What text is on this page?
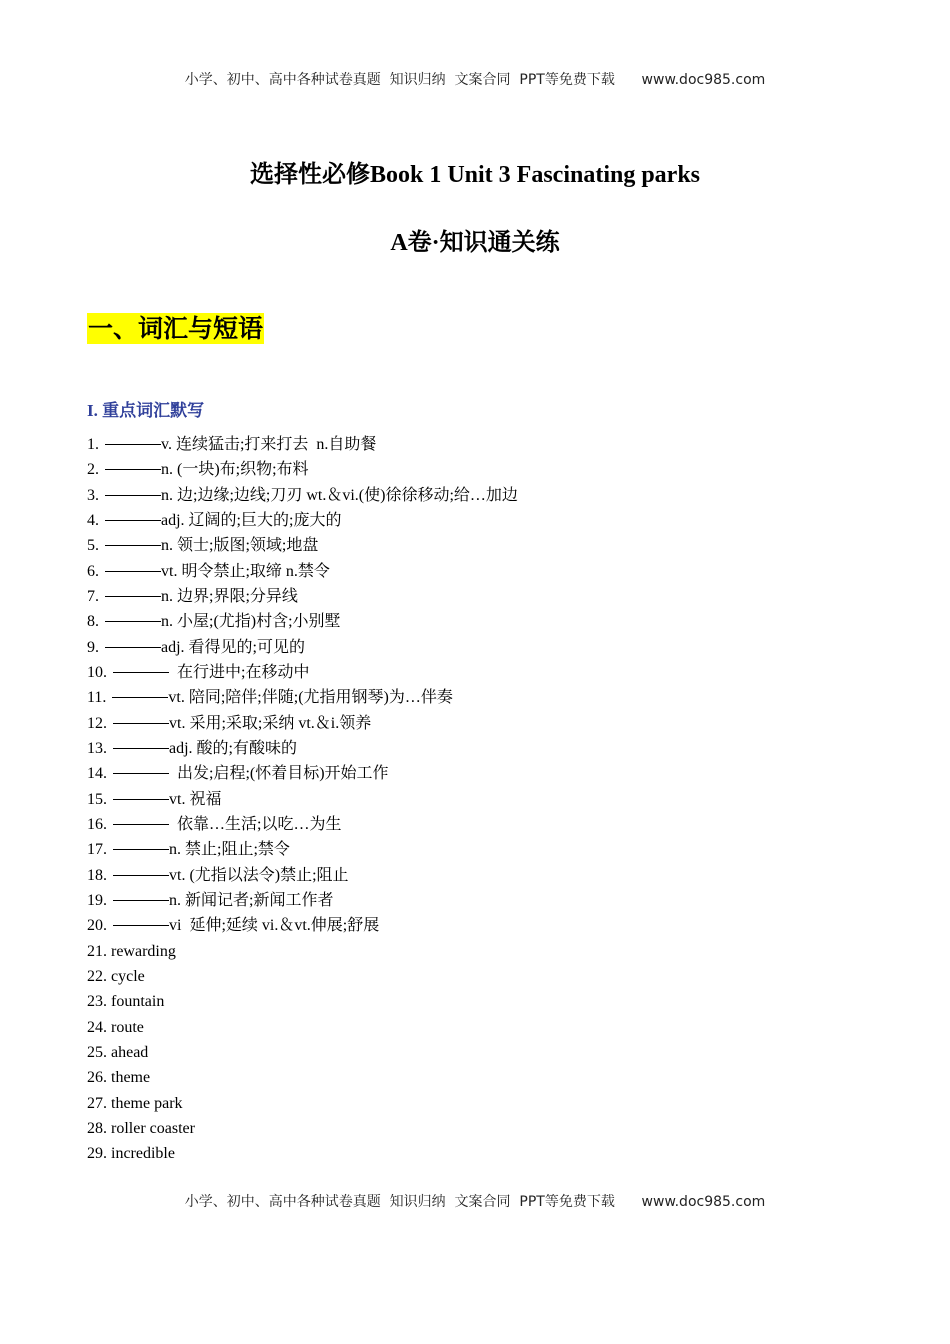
小学、初中、高中各种试卷真题  知识归纳  文案合同  PPT等免费下载      www.doc985.com
选择性必修Book 1 Unit 3 Fascinating parks
A卷·知识通关练
一、词汇与短语
I. 重点词汇默写
1.	v. 连续猛击;打来打去  n.自助餐
2.	n. (一块)布;织物;布料
3.	n. 边;边缘;边线;刀刃 wt.＆vi.(使)徐徐移动;给…加边
4.	adj. 辽阔的;巨大的;庞大的
5.	n. 领士;版图;领域;地盘
6.	vt. 明令禁止;取缔 n.禁令
7.	n. 边界;界限;分异线
8.	n. 小屋;(尤指)村含;小别墅
9.	adj. 看得见的;可见的
10.	在行进中;在移动中
11.	vt. 陪同;陪伴;伴随;(尤指用钢琴)为…伴奏
12.	vt. 采用;采取;采纳 vt.＆i.领养
13.	adj. 酸的;有酸味的
14.	出发;启程;(怀着目标)开始工作
15.	vt. 祝福
16.	依靠…生活;以吃…为生
17.	n. 禁止;阻止;禁令
18.	vt. (尤指以法令)禁止;阻止
19.	n. 新闻记者;新闻工作者
20.	vi  延伸;延续 vi.＆vt.伸展;舒展
21. rewarding
22. cycle
23. fountain
24. route
25. ahead
26. theme
27. theme park
28. roller coaster
29. incredible
小学、初中、高中各种试卷真题  知识归纳  文案合同  PPT等免费下载      www.doc985.com
